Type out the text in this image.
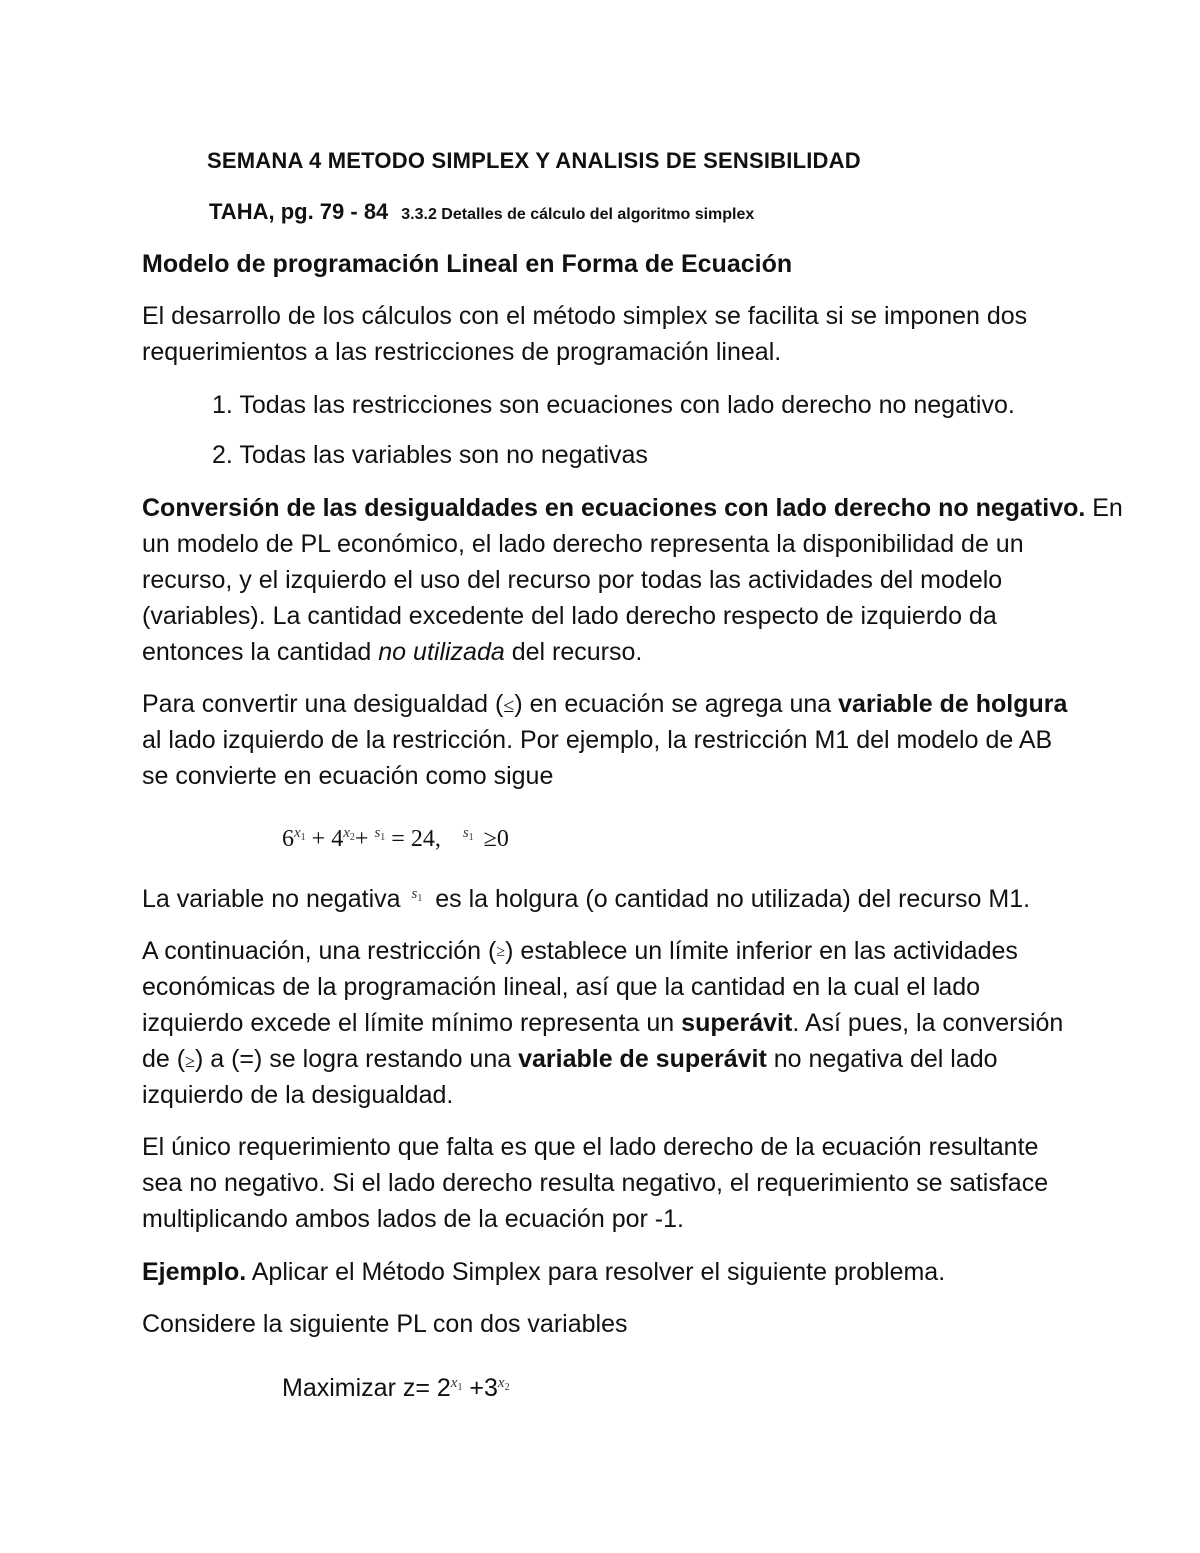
SEMANA 4 METODO SIMPLEX Y ANALISIS DE SENSIBILIDAD
TAHA, pg. 79 - 84 3.3.2 Detalles de cálculo del algoritmo simplex
Modelo de programación Lineal en Forma de Ecuación
El desarrollo de los cálculos con el método simplex se facilita si se imponen dos
requerimientos a las restricciones de programación lineal.
1. Todas las restricciones son ecuaciones con lado derecho no negativo.
2. Todas las variables son no negativas
Conversión de las desigualdades en ecuaciones con lado derecho no negativo. En
un modelo de PL económico, el lado derecho representa la disponibilidad de un
recurso, y el izquierdo el uso del recurso por todas las actividades del modelo
(variables). La cantidad excedente del lado derecho respecto de izquierdo da
entonces la cantidad no utilizada del recurso.
Para convertir una desigualdad (≤) en ecuación se agrega una variable de holgura
al lado izquierdo de la restricción. Por ejemplo, la restricción M1 del modelo de AB
se convierte en ecuación como sigue
$6^{x_1} + 4^{x_2}+ ^{s_1} = 24$, $^{s_1}$ ≥0
La variable no negativa $^{s_1}$ es la holgura (o cantidad no utilizada) del recurso M1.
A continuación, una restricción (≥) establece un límite inferior en las actividades
económicas de la programación lineal, así que la cantidad en la cual el lado
izquierdo excede el límite mínimo representa un superávit. Así pues, la conversión
de (≥) a (=) se logra restando una variable de superávit no negativa del lado
izquierdo de la desigualdad.
El único requerimiento que falta es que el lado derecho de la ecuación resultante
sea no negativo. Si el lado derecho resulta negativo, el requerimiento se satisface
multiplicando ambos lados de la ecuación por -1.
Ejemplo. Aplicar el Método Simplex para resolver el siguiente problema.
Considere la siguiente PL con dos variables
Maximizar $z= 2^{x_1} +3^{x_2}$
